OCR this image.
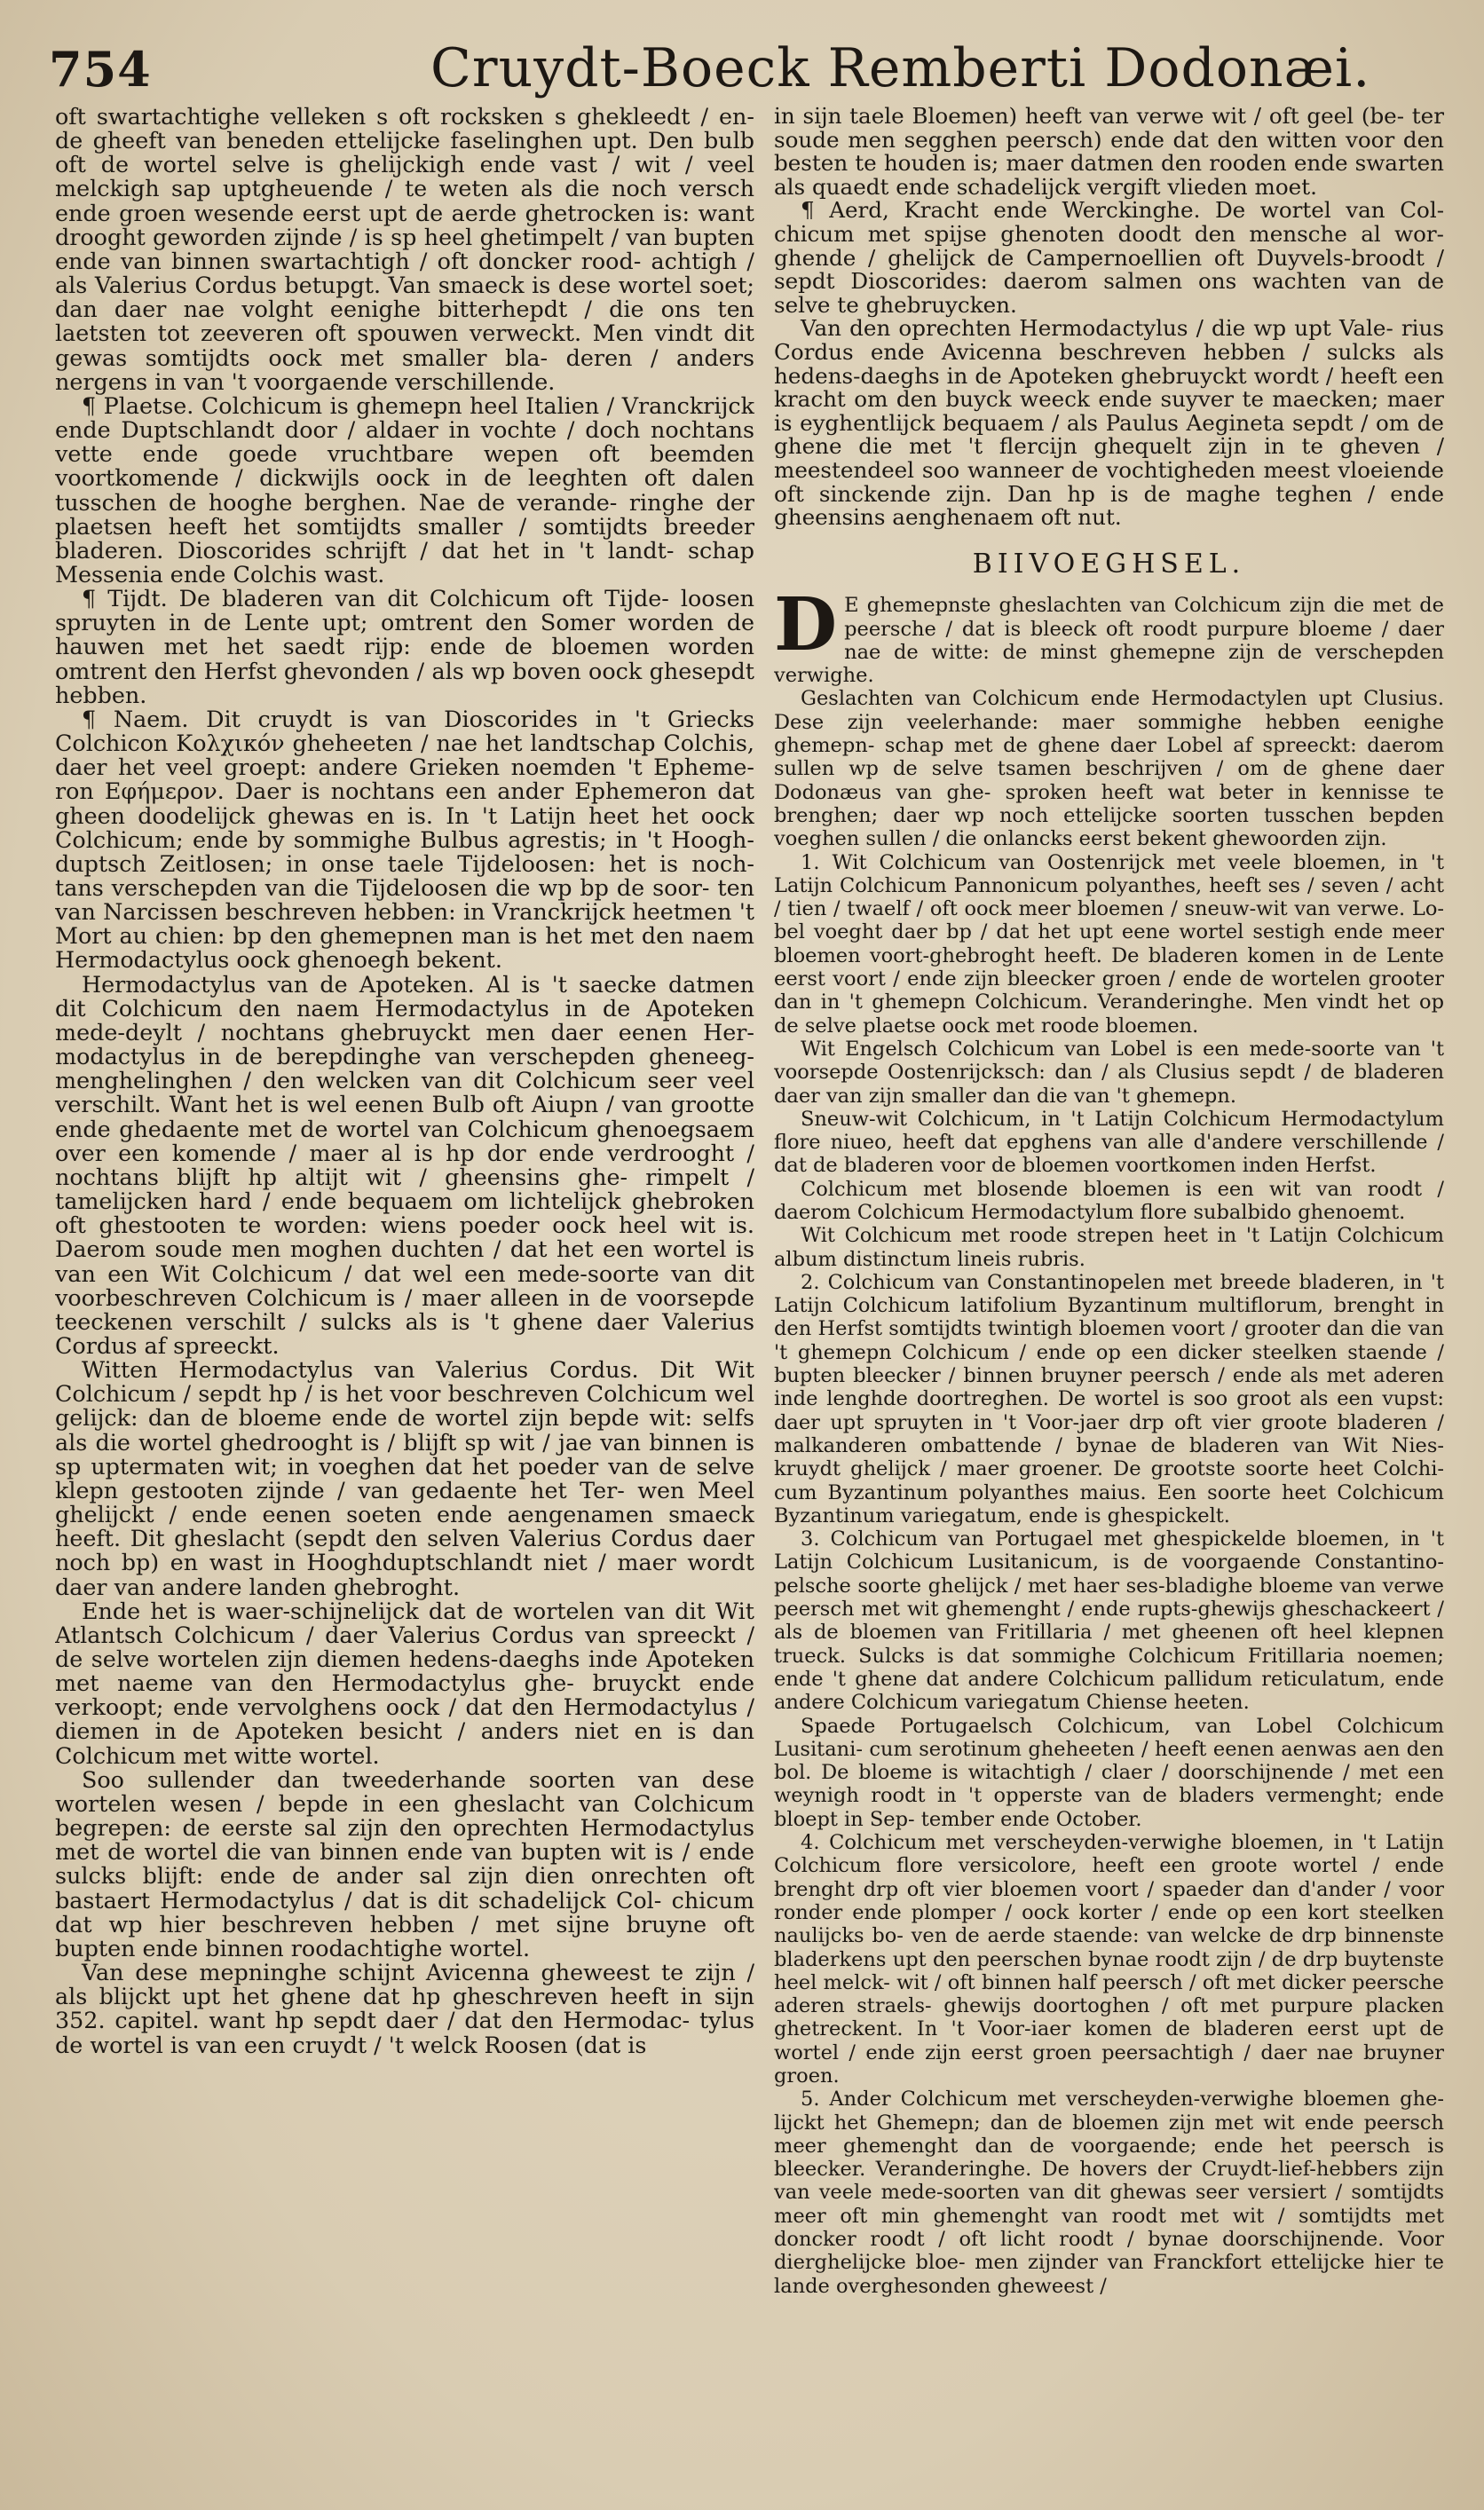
754	Cruydt-Boeck Remberti Dodonæi.

oft swartachtighe velleken s oft rocksken s ghekleedt / en- de gheeft van beneden ettelijcke faselinghen upt. Den bulb oft de wortel selve is ghelijckigh ende vast / wit / veel melckigh sap uptgheuende / te weten als die noch versch ende groen wesende eerst upt de aerde ghetrocken is: want drooght geworden zijnde / is sp heel ghetimpelt / van bupten ende van binnen swartachtigh / oft doncker rood- achtigh / als Valerius Cordus betupgt. Van smaeck is dese wortel soet; dan daer nae volght eenighe bitterhepdt / die ons ten laetsten tot zeeveren oft spouwen verweckt. Men vindt dit gewas somtijdts oock met smaller bla- deren / anders nergens in van 't voorgaende verschillende.

¶ Plaetse. Colchicum is ghemepn heel Italien / Vranckrijck ende Duptschlandt door / aldaer in vochte / doch nochtans vette ende goede vruchtbare wepen oft beemden voortkomende / dickwijls oock in de leeghten oft dalen tusschen de hooghe berghen. Nae de verande- ringhe der plaetsen heeft het somtijdts smaller / somtijdts breeder bladeren. Dioscorides schrijft / dat het in 't landt- schap Messenia ende Colchis wast.

¶ Tijdt. De bladeren van dit Colchicum oft Tijde- loosen spruyten in de Lente upt; omtrent den Somer worden de hauwen met het saedt rijp: ende de bloemen worden omtrent den Herfst ghevonden / als wp boven oock ghesepdt hebben.

¶ Naem. Dit cruydt is van Dioscorides in 't Griecks Colchicon Κολχικόν gheheeten / nae het landtschap Colchis, daer het veel groept: andere Grieken noemden 't Epheme- ron Εφήμερον. Daer is nochtans een ander Ephemeron dat gheen doodelijck ghewas en is. In 't Latijn heet het oock Colchicum; ende by sommighe Bulbus agrestis; in 't Hoogh- duptsch Zeitlosen; in onse taele Tijdeloosen: het is noch- tans verschepden van die Tijdeloosen die wp bp de soor- ten van Narcissen beschreven hebben: in Vranckrijck heetmen 't Mort au chien: bp den ghemepnen man is het met den naem Hermodactylus oock ghenoegh bekent.

Hermodactylus van de Apoteken. Al is 't saecke datmen dit Colchicum den naem Hermodactylus in de Apoteken mede-deylt / nochtans ghebruyckt men daer eenen Her- modactylus in de berepdinghe van verschepden gheneeg- menghelinghen / den welcken van dit Colchicum seer veel verschilt. Want het is wel eenen Bulb oft Aiupn / van grootte ende ghedaente met de wortel van Colchicum ghenoegsaem over een komende / maer al is hp dor ende verdrooght / nochtans blijft hp altijt wit / gheensins ghe- rimpelt / tamelijcken hard / ende bequaem om lichtelijck ghebroken oft ghestooten te worden: wiens poeder oock heel wit is. Daerom soude men moghen duchten / dat het een wortel is van een Wit Colchicum / dat wel een mede-soorte van dit voorbeschreven Colchicum is / maer alleen in de voorsepde teeckenen verschilt / sulcks als is 't ghene daer Valerius Cordus af spreeckt.

Witten Hermodactylus van Valerius Cordus. Dit Wit Colchicum / sepdt hp / is het voor beschreven Colchicum wel gelijck: dan de bloeme ende de wortel zijn bepde wit: selfs als die wortel ghedrooght is / blijft sp wit / jae van binnen is sp uptermaten wit; in voeghen dat het poeder van de selve klepn gestooten zijnde / van gedaente het Ter- wen Meel ghelijckt / ende eenen soeten ende aengenamen smaeck heeft. Dit gheslacht (sepdt den selven Valerius Cordus daer noch bp) en wast in Hooghduptschlandt niet / maer wordt daer van andere landen ghebroght.

Ende het is waer-schijnelijck dat de wortelen van dit Wit Atlantsch Colchicum / daer Valerius Cordus van spreeckt / de selve wortelen zijn diemen hedens-daeghs inde Apoteken met naeme van den Hermodactylus ghe- bruyckt ende verkoopt; ende vervolghens oock / dat den Hermodactylus / diemen in de Apoteken besicht / anders niet en is dan Colchicum met witte wortel.

Soo sullender dan tweederhande soorten van dese wortelen wesen / bepde in een gheslacht van Colchicum begrepen: de eerste sal zijn den oprechten Hermodactylus met de wortel die van binnen ende van bupten wit is / ende sulcks blijft: ende de ander sal zijn dien onrechten oft bastaert Hermodactylus / dat is dit schadelijck Col- chicum dat wp hier beschreven hebben / met sijne bruyne oft bupten ende binnen roodachtighe wortel.

Van dese mepninghe schijnt Avicenna gheweest te zijn / als blijckt upt het ghene dat hp gheschreven heeft in sijn 352. capitel. want hp sepdt daer / dat den Hermodac- tylus de wortel is van een cruydt / 't welck Roosen (dat is

in sijn taele Bloemen) heeft van verwe wit / oft geel (be- ter soude men segghen peersch) ende dat den witten voor den besten te houden is; maer datmen den rooden ende swarten als quaedt ende schadelijck vergift vlieden moet.

¶ Aerd, Kracht ende Werckinghe. De wortel van Col- chicum met spijse ghenoten doodt den mensche al wor- ghende / ghelijck de Campernoellien oft Duyvels-broodt / sepdt Dioscorides: daerom salmen ons wachten van de selve te ghebruycken.

Van den oprechten Hermodactylus / die wp upt Vale- rius Cordus ende Avicenna beschreven hebben / sulcks als hedens-daeghs in de Apoteken ghebruyckt wordt / heeft een kracht om den buyck weeck ende suyver te maecken; maer is eyghentlijck bequaem / als Paulus Aegineta sepdt / om de ghene die met 't flercijn ghequelt zijn in te gheven / meestendeel soo wanneer de vochtigheden meest vloeiende oft sinckende zijn. Dan hp is de maghe teghen / ende gheensins aenghenaem oft nut.

BIIVOEGHSEL.

D E ghemepnste gheslachten van Colchicum zijn die met de peersche / dat is bleeck oft roodt purpure bloeme / daer nae de witte: de minst ghemepne zijn de verschepden verwighe.

Geslachten van Colchicum ende Hermodactylen upt Clusius. Dese zijn veelerhande: maer sommighe hebben eenighe ghemepn- schap met de ghene daer Lobel af spreeckt: daerom sullen wp de selve tsamen beschrijven / om de ghene daer Dodonæus van ghe- sproken heeft wat beter in kennisse te brenghen; daer wp noch ettelijcke soorten tusschen bepden voeghen sullen / die onlancks eerst bekent ghewoorden zijn.

1. Wit Colchicum van Oostenrijck met veele bloemen, in 't Latijn Colchicum Pannonicum polyanthes, heeft ses / seven / acht / tien / twaelf / oft oock meer bloemen / sneuw-wit van verwe. Lo- bel voeght daer bp / dat het upt eene wortel sestigh ende meer bloemen voort-ghebroght heeft. De bladeren komen in de Lente eerst voort / ende zijn bleecker groen / ende de wortelen grooter dan in 't ghemepn Colchicum. Veranderinghe. Men vindt het op de selve plaetse oock met roode bloemen.

Wit Engelsch Colchicum van Lobel is een mede-soorte van 't voorsepde Oostenrijcksch: dan / als Clusius sepdt / de bladeren daer van zijn smaller dan die van 't ghemepn.

Sneuw-wit Colchicum, in 't Latijn Colchicum Hermodactylum flore niueo, heeft dat epghens van alle d'andere verschillende / dat de bladeren voor de bloemen voortkomen inden Herfst.

Colchicum met blosende bloemen is een wit van roodt / daerom Colchicum Hermodactylum flore subalbido ghenoemt.

Wit Colchicum met roode strepen heet in 't Latijn Colchicum album distinctum lineis rubris.

2. Colchicum van Constantinopelen met breede bladeren, in 't Latijn Colchicum latifolium Byzantinum multiflorum, brenght in den Herfst somtijdts twintigh bloemen voort / grooter dan die van 't ghemepn Colchicum / ende op een dicker steelken staende / bupten bleecker / binnen bruyner peersch / ende als met aderen inde lenghde doortreghen. De wortel is soo groot als een vupst: daer upt spruyten in 't Voor-jaer drp oft vier groote bladeren / malkanderen ombattende / bynae de bladeren van Wit Nies- kruydt ghelijck / maer groener. De grootste soorte heet Colchi- cum Byzantinum polyanthes maius. Een soorte heet Colchicum Byzantinum variegatum, ende is ghespickelt.

3. Colchicum van Portugael met ghespickelde bloemen, in 't Latijn Colchicum Lusitanicum, is de voorgaende Constantino- pelsche soorte ghelijck / met haer ses-bladighe bloeme van verwe peersch met wit ghemenght / ende rupts-ghewijs gheschackeert / als de bloemen van Fritillaria / met gheenen oft heel klepnen trueck. Sulcks is dat sommighe Colchicum Fritillaria noemen; ende 't ghene dat andere Colchicum pallidum reticulatum, ende andere Colchicum variegatum Chiense heeten.

Spaede Portugaelsch Colchicum, van Lobel Colchicum Lusitani- cum serotinum gheheeten / heeft eenen aenwas aen den bol. De bloeme is witachtigh / claer / doorschijnende / met een weynigh roodt in 't opperste van de bladers vermenght; ende bloept in Sep- tember ende October.

4. Colchicum met verscheyden-verwighe bloemen, in 't Latijn Colchicum flore versicolore, heeft een groote wortel / ende brenght drp oft vier bloemen voort / spaeder dan d'ander / voor ronder ende plomper / oock korter / ende op een kort steelken naulijcks bo- ven de aerde staende: van welcke de drp binnenste bladerkens upt den peerschen bynae roodt zijn / de drp buytenste heel melck- wit / oft binnen half peersch / oft met dicker peersche aderen straels- ghewijs doortoghen / oft met purpure placken ghetreckent. In 't Voor-iaer komen de bladeren eerst upt de wortel / ende zijn eerst groen peersachtigh / daer nae bruyner groen.

5. Ander Colchicum met verscheyden-verwighe bloemen ghe- lijckt het Ghemepn; dan de bloemen zijn met wit ende peersch meer ghemenght dan de voorgaende; ende het peersch is bleecker. Veranderinghe. De hovers der Cruydt-lief-hebbers zijn van veele mede-soorten van dit ghewas seer versiert / somtijdts meer oft min ghemenght van roodt met wit / somtijdts met doncker roodt / oft licht roodt / bynae doorschijnende. Voor dierghelijcke bloe- men zijnder van Franckfort ettelijcke hier te lande overghesonden gheweest /
